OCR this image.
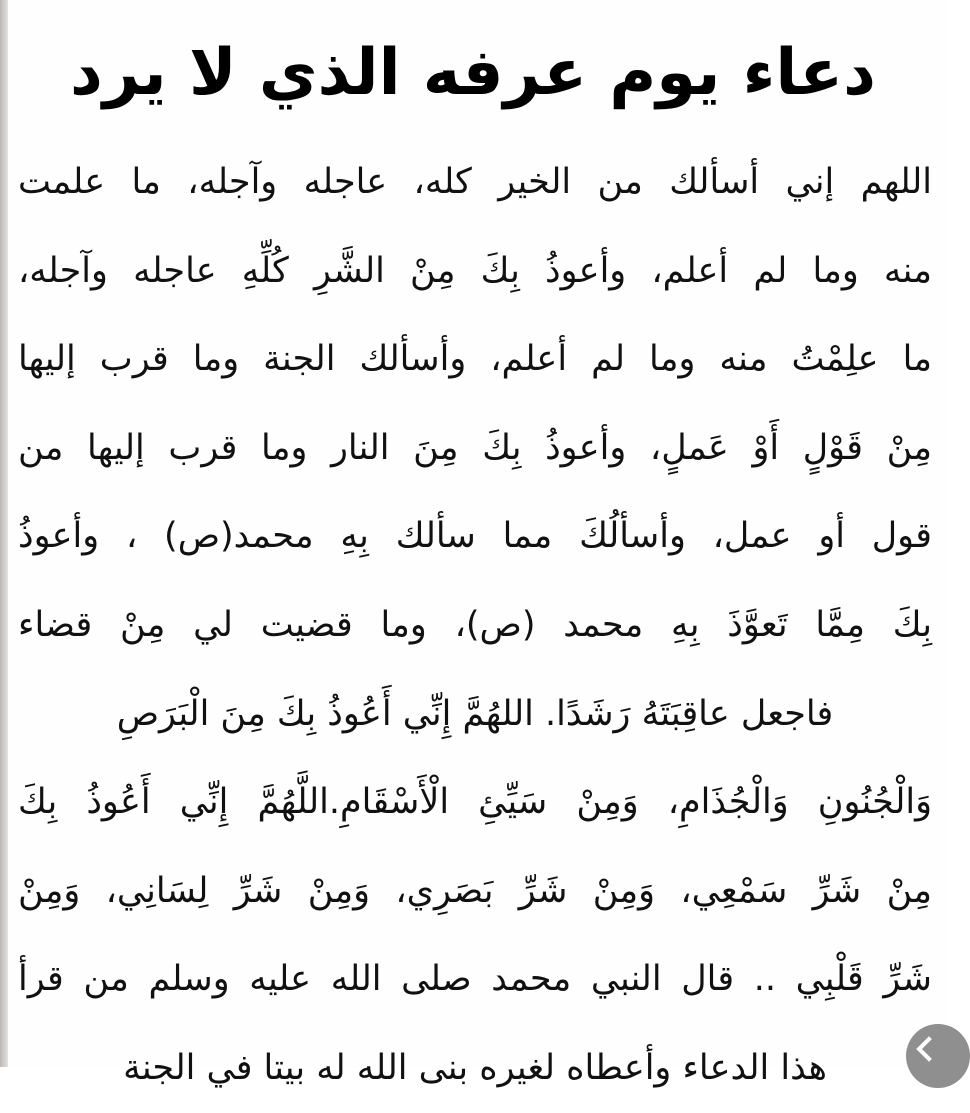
دعاء يوم عرفه الذي لا يرد
اللهم إني أسألك من الخير كله، عاجله وآجله، ما علمت
منه وما لم أعلم، وأعوذُ بِكَ مِنْ الشَّرِ كُلِّهِ عاجله وآجله،
ما علِمْتُ منه وما لم أعلم، وأسألك الجنة وما قرب إليها
مِنْ قَوْلٍ أَوْ عَملٍ، وأعوذُ بِكَ مِنَ النار وما قرب إليها من
قول أو عمل، وأسألُكَ مما سألك بِهِ محمد(ص) ، وأعوذُ
بِكَ مِمَّا تَعوَّذَ بِهِ محمد (ص)، وما قضيت لي مِنْ قضاء
فاجعل عاقِبَتَهُ رَشَدًا. اللهُمَّ إِنِّي أَعُوذُ بِكَ مِنَ الْبَرَصِ
وَالْجُنُونِ وَالْجُذَامِ، وَمِنْ سَيِّئِ الْأَسْقَامِ.اللَّهُمَّ إِنِّي أَعُوذُ بِكَ
مِنْ شَرِّ سَمْعِي، وَمِنْ شَرِّ بَصَرِي، وَمِنْ شَرِّ لِسَانِي، وَمِنْ
شَرِّ قَلْبِي .. قال النبي محمد صلى الله عليه وسلم من قرأ
هذا الدعاء وأعطاه لغيره بنى الله له بيتا في الجنة
